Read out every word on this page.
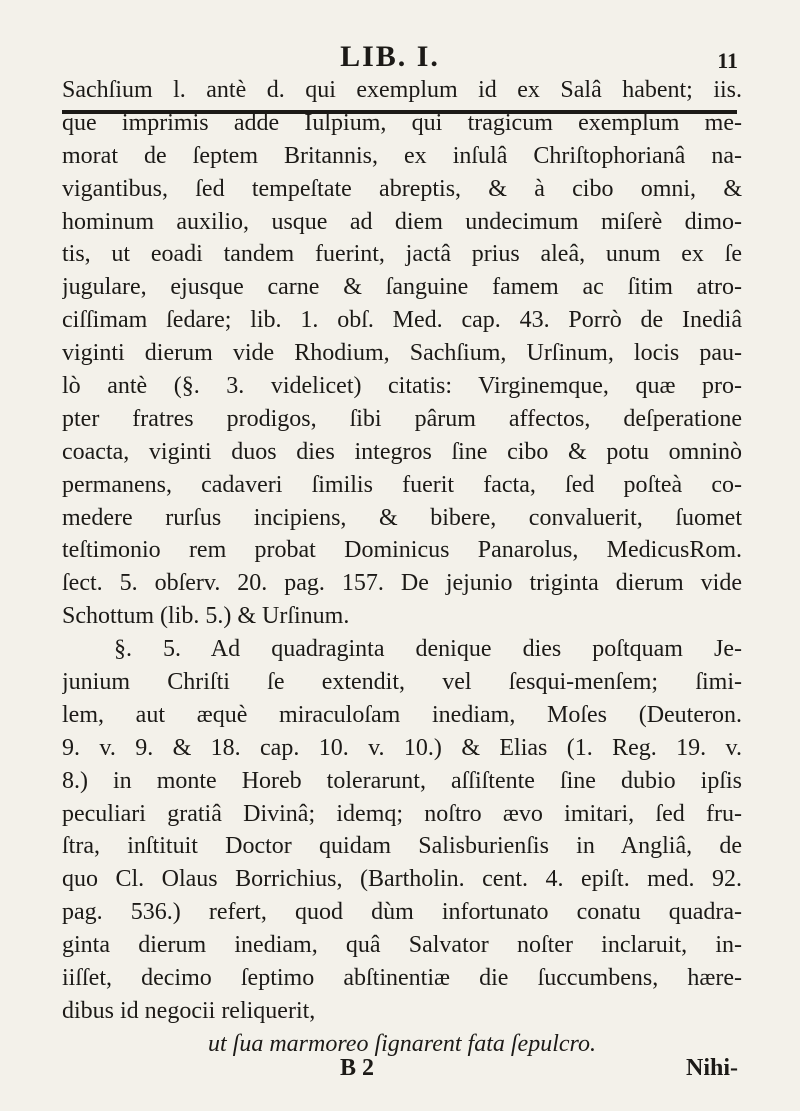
LIB. I.	11
Sachſium l. antè d. qui exemplum id ex Salâ habent; iis.
que imprimis adde Iulpium, qui tragicum exemplum me-
morat de ſeptem Britannis, ex inſulâ Chriſtophorianâ na-
vigantibus, ſed tempeſtate abreptis, & à cibo omni, &
hominum auxilio, usque ad diem undecimum miſerè dimo-
tis, ut eoadi tandem fuerint, jactâ prius aleâ, unum ex ſe
jugulare, ejusque carne & ſanguine famem ac ſitim atro-
ciſſimam ſedare; lib. 1. obſ. Med. cap. 43. Porrò de Inediâ
viginti dierum vide Rhodium, Sachſium, Urſinum, locis pau-
lò antè (§. 3. videlicet) citatis: Virginemque, quæ pro-
pter fratres prodigos, ſibi pârum affectos, deſperatione
coacta, viginti duos dies integros ſine cibo & potu omninò
permanens, cadaveri ſimilis fuerit facta, ſed poſteà co-
medere rurſus incipiens, & bibere, convaluerit, ſuomet
teſtimonio rem probat Dominicus Panarolus, MedicusRom.
ſect. 5. obſerv. 20. pag. 157. De jejunio triginta dierum vide
Schottum (lib. 5.) & Urſinum.
§. 5. Ad quadraginta denique dies poſtquam Je-
junium Chriſti ſe extendit, vel ſesqui-menſem; ſimi-
lem, aut æquè miraculoſam inediam, Moſes (Deuteron.
9. v. 9. & 18. cap. 10. v. 10.) & Elias (1. Reg. 19. v.
8.) in monte Horeb tolerarunt, aſſiſtente ſine dubio ipſis
peculiari gratiâ Divinâ; idemq; noſtro ævo imitari, ſed fru-
ſtra, inſtituit Doctor quidam Salisburienſis in Angliâ, de
quo Cl. Olaus Borrichius, (Bartholin. cent. 4. epiſt. med. 92.
pag. 536.) refert, quod dùm infortunato conatu quadra-
ginta dierum inediam, quâ Salvator noſter inclaruit, in-
iiſſet, decimo ſeptimo abſtinentiæ die ſuccumbens, hære-
dibus id negocii reliquerit,
ut ſua marmoreo ſignarent fata ſepulcro.
B 2	Nihi-
